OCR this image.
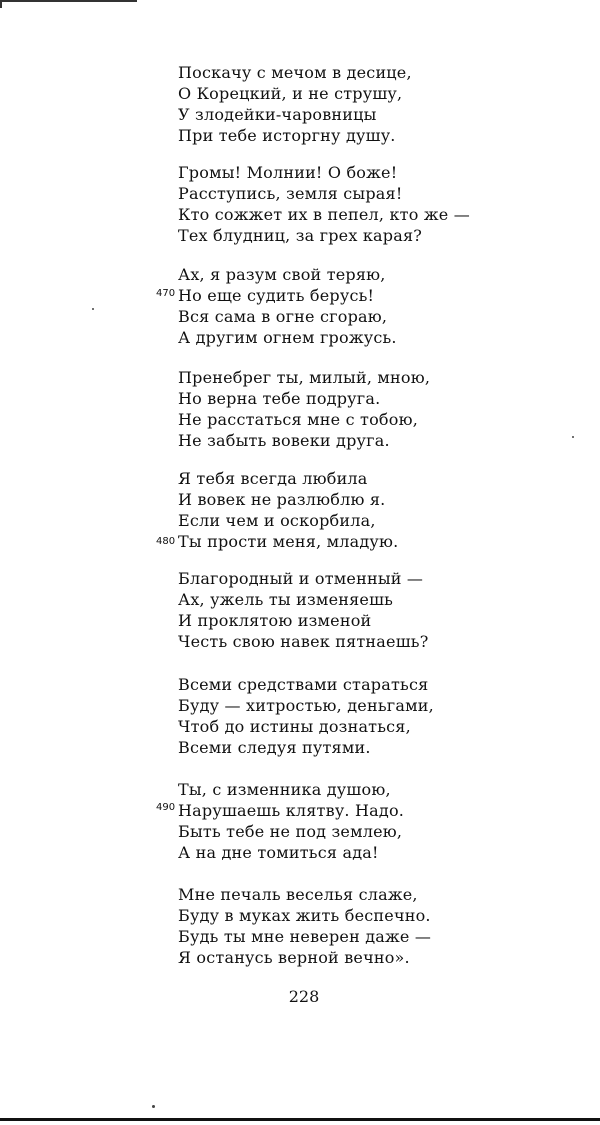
Поскачу с мечом в десице,
О Корецкий, и не струшу,
У злодейки-чаровницы
При тебе исторгну душу.
Громы! Молнии! О боже!
Расступись, земля сырая!
Кто сожжет их в пепел, кто же —
Тех блудниц, за грех карая?
Ах, я разум свой теряю,
Но еще судить берусь!
Вся сама в огне сгораю,
А другим огнем грожусь.
470
Пренебрег ты, милый, мною,
Но верна тебе подруга.
Не расстаться мне с тобою,
Не забыть вовеки друга.
Я тебя всегда любила
И вовек не разлюблю я.
Если чем и оскорбила,
Ты прости меня, младую.
480
Благородный и отменный —
Ах, ужель ты изменяешь
И проклятою изменой
Честь свою навек пятнаешь?
Всеми средствами стараться
Буду — хитростью, деньгами,
Чтоб до истины дознаться,
Всеми следуя путями.
Ты, с изменника душою,
Нарушаешь клятву. Надо.
Быть тебе не под землею,
А на дне томиться ада!
490
Мне печаль веселья слаже,
Буду в муках жить беспечно.
Будь ты мне неверен даже —
Я останусь верной вечно».
228
